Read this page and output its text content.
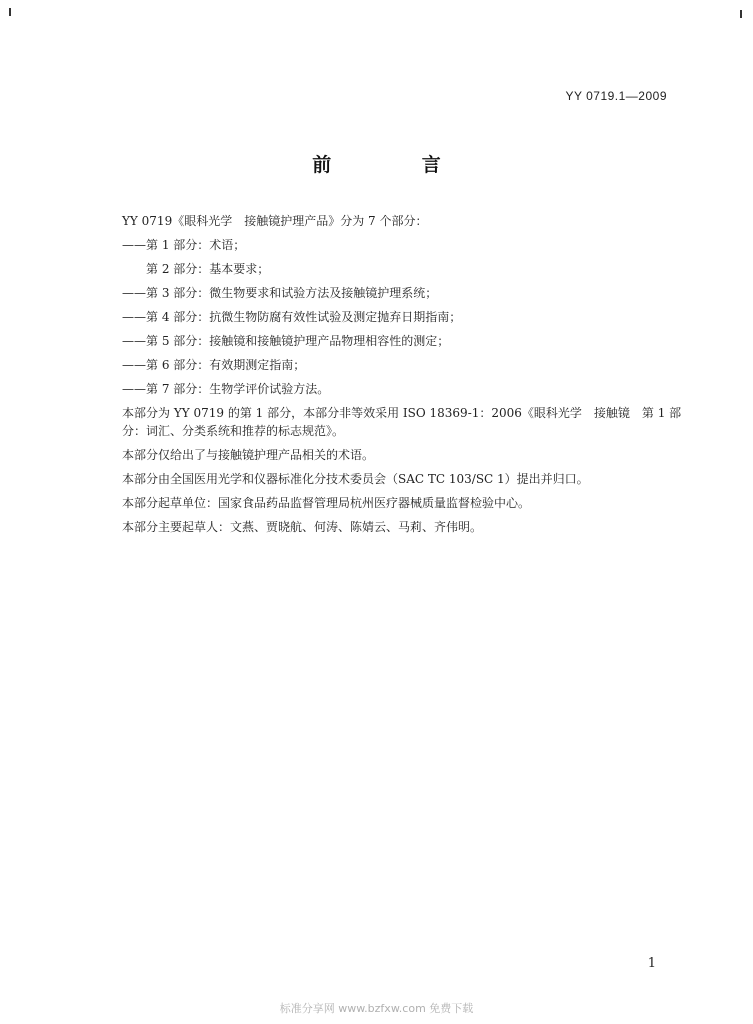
YY 0719.1—2009
前 言
YY 0719《眼科光学　接触镜护理产品》分为 7 个部分：
——第 1 部分：术语；
第 2 部分：基本要求；
——第 3 部分：微生物要求和试验方法及接触镜护理系统；
——第 4 部分：抗微生物防腐有效性试验及测定抛弃日期指南；
——第 5 部分：接触镜和接触镜护理产品物理相容性的测定；
——第 6 部分：有效期测定指南；
——第 7 部分：生物学评价试验方法。
本部分为 YY 0719 的第 1 部分，本部分非等效采用 ISO 18369-1：2006《眼科光学　接触镜　第 1 部分：词汇、分类系统和推荐的标志规范》。
本部分仅给出了与接触镜护理产品相关的术语。
本部分由全国医用光学和仪器标准化分技术委员会（SAC TC 103/SC 1）提出并归口。
本部分起草单位：国家食品药品监督管理局杭州医疗器械质量监督检验中心。
本部分主要起草人：文燕、贾晓航、何涛、陈婧云、马莉、齐伟明。
1
标准分享网 www.bzfxw.com 免费下载
